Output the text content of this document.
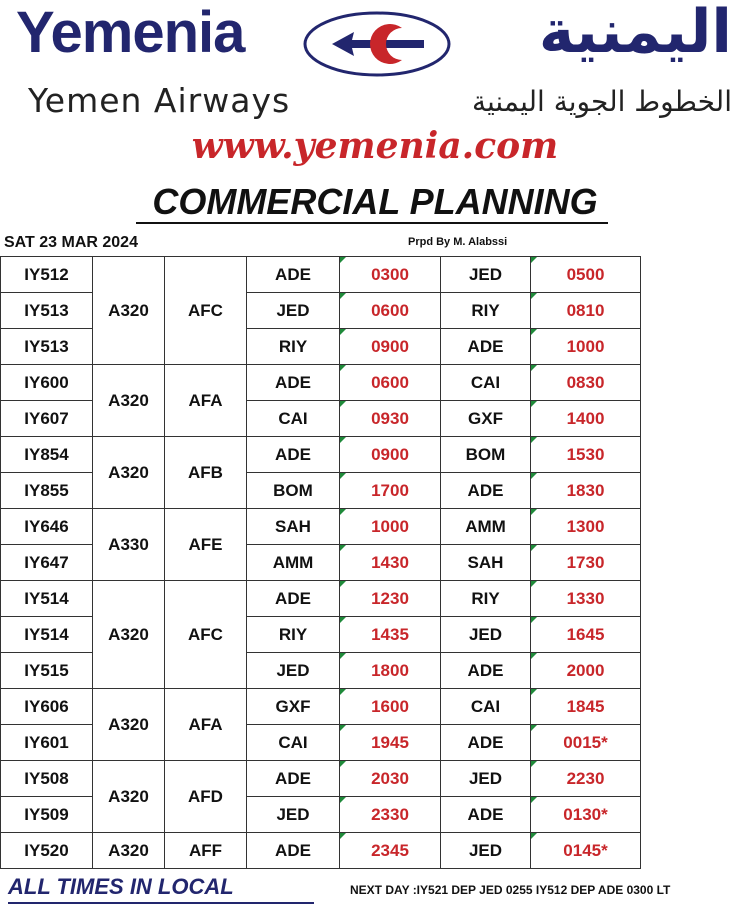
Yemenia	اليمنية
Yemen Airways	الخطوط الجوية اليمنية
www.yemenia.com
COMMERCIAL PLANNING
SAT 23 MAR 2024	Prpd By M. Alabssi
IY512	A320	AFC	ADE	0300	JED	0500
IY513			JED	0600	RIY	0810
IY513			RIY	0900	ADE	1000
IY600	A320	AFA	ADE	0600	CAI	0830
IY607			CAI	0930	GXF	1400
IY854	A320	AFB	ADE	0900	BOM	1530
IY855			BOM	1700	ADE	1830
IY646	A330	AFE	SAH	1000	AMM	1300
IY647			AMM	1430	SAH	1730
IY514	A320	AFC	ADE	1230	RIY	1330
IY514			RIY	1435	JED	1645
IY515			JED	1800	ADE	2000
IY606	A320	AFA	GXF	1600	CAI	1845
IY601			CAI	1945	ADE	0015*
IY508	A320	AFD	ADE	2030	JED	2230
IY509			JED	2330	ADE	0130*
IY520	A320	AFF	ADE	2345	JED	0145*
ALL TIMES IN LOCAL	NEXT DAY :IY521 DEP JED 0255 IY512 DEP ADE 0300 LT
